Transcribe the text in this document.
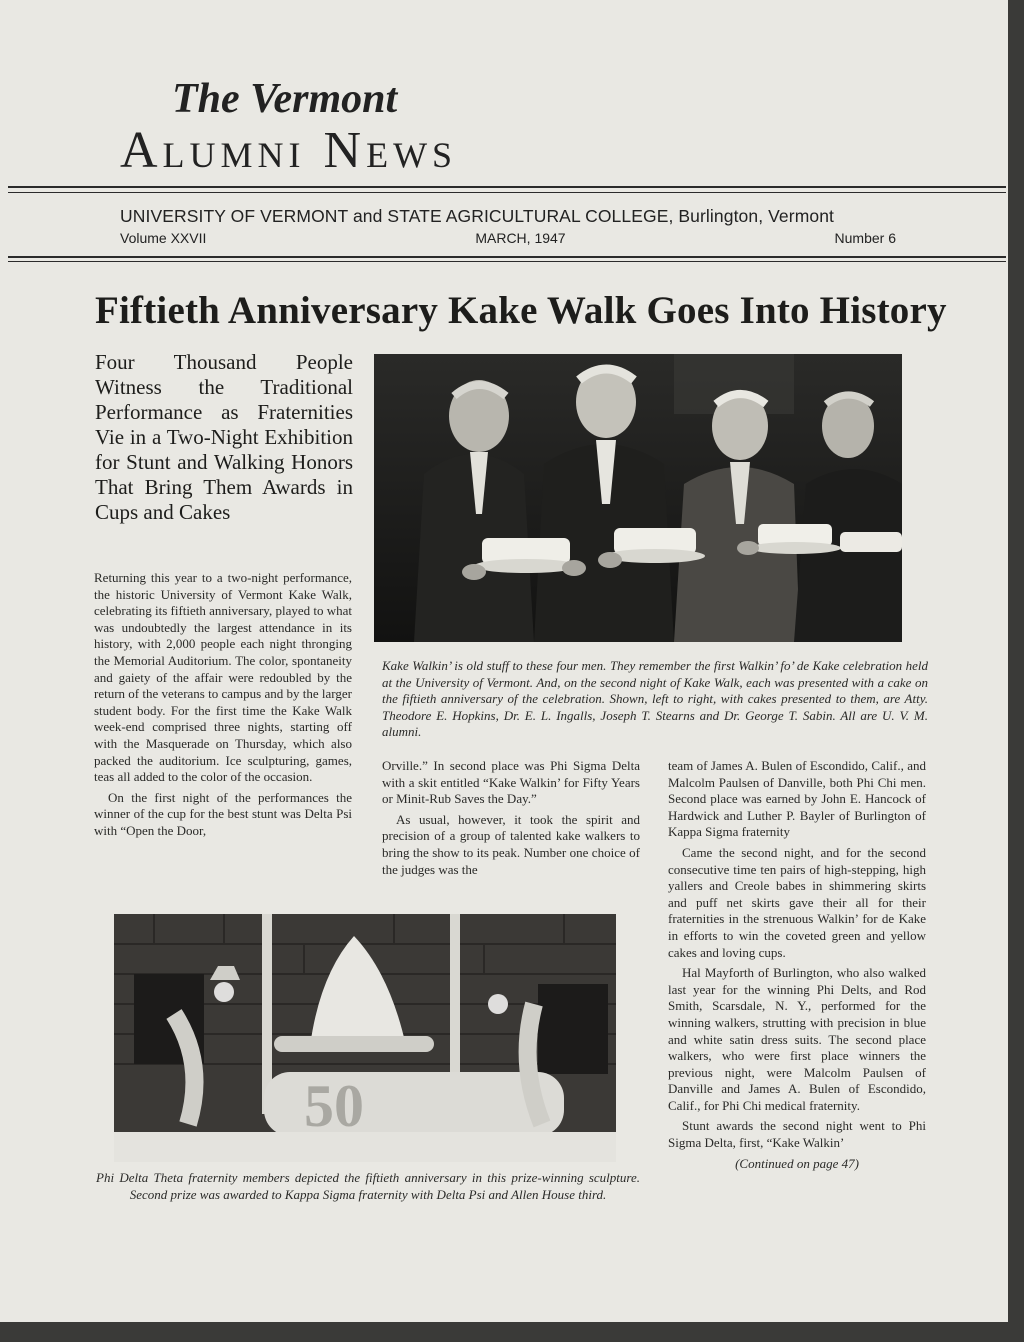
The Vermont
Alumni News
UNIVERSITY OF VERMONT and STATE AGRICULTURAL COLLEGE, Burlington, Vermont
Volume XXVII	MARCH, 1947	Number 6
Fiftieth Anniversary Kake Walk Goes Into History
Four Thousand People Witness the Traditional Performance as Fraternities Vie in a Two-Night Exhibition for Stunt and Walking Honors That Bring Them Awards in Cups and Cakes

Returning this year to a two-night performance, the historic University of Vermont Kake Walk, celebrating its fiftieth anniversary, played to what was undoubtedly the largest attendance in its history, with 2,000 people each night thronging the Memorial Auditorium. The color, spontaneity and gaiety of the affair were redoubled by the return of the veterans to campus and by the larger student body. For the first time the Kake Walk week-end comprised three nights, starting off with the Masquerade on Thursday, which also packed the auditorium. Ice sculpturing, games, teas all added to the color of the occasion.

On the first night of the performances the winner of the cup for the best stunt was Delta Psi with “Open the Door,

Kake Walkin’ is old stuff to these four men. They remember the first Walkin’ fo’ de Kake celebration held at the University of Vermont. And, on the second night of Kake Walk, each was presented with a cake on the fiftieth anniversary of the celebration. Shown, left to right, with cakes presented to them, are Atty. Theodore E. Hopkins, Dr. E. L. Ingalls, Joseph T. Stearns and Dr. George T. Sabin. All are U. V. M. alumni.

Orville.” In second place was Phi Sigma Delta with a skit entitled “Kake Walkin’ for Fifty Years or Minit-Rub Saves the Day.”

As usual, however, it took the spirit and precision of a group of talented kake walkers to bring the show to its peak. Number one choice of the judges was the

team of James A. Bulen of Escondido, Calif., and Malcolm Paulsen of Danville, both Phi Chi men. Second place was earned by John E. Hancock of Hardwick and Luther P. Bayler of Burlington of Kappa Sigma fraternity

Came the second night, and for the second consecutive time ten pairs of high-stepping, high yallers and Creole babes in shimmering skirts and puff net skirts gave their all for their fraternities in the strenuous Walkin’ for de Kake in efforts to win the coveted green and yellow cakes and loving cups.

Hal Mayforth of Burlington, who also walked last year for the winning Phi Delts, and Rod Smith, Scarsdale, N. Y., performed for the winning walkers, strutting with precision in blue and white satin dress suits. The second place walkers, who were first place winners the previous night, were Malcolm Paulsen of Danville and James A. Bulen of Escondido, Calif., for Phi Chi medical fraternity.

Stunt awards the second night went to Phi Sigma Delta, first, “Kake Walkin’

(Continued on page 47)
50
Phi Delta Theta fraternity members depicted the fiftieth anniversary in this prize-winning sculpture. Second prize was awarded to Kappa Sigma fraternity with Delta Psi and Allen House third.
